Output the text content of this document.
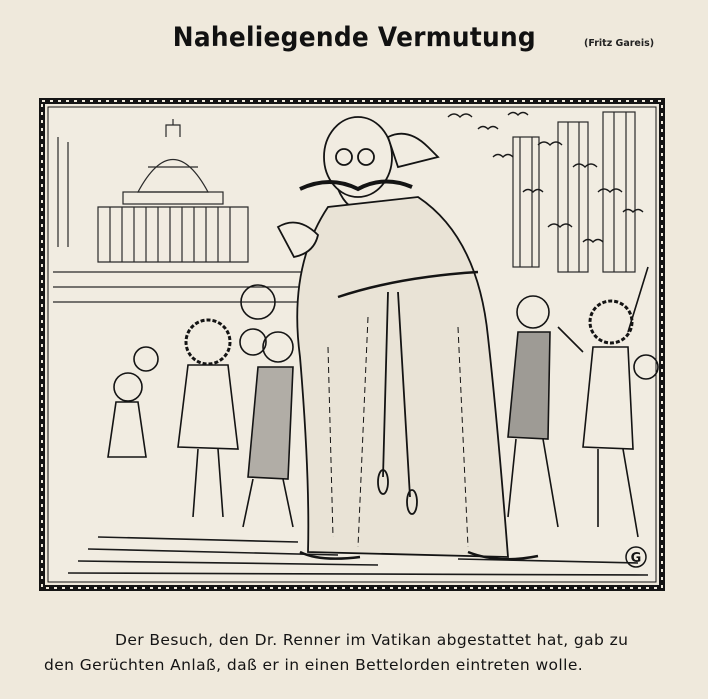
Naheliegende Vermutung	(Fritz Gareis)
G
Der Besuch, den Dr. Renner im Vatikan abgestattet hat, gab zu
den Gerüchten Anlaß, daß er in einen Bettelorden eintreten wolle.
